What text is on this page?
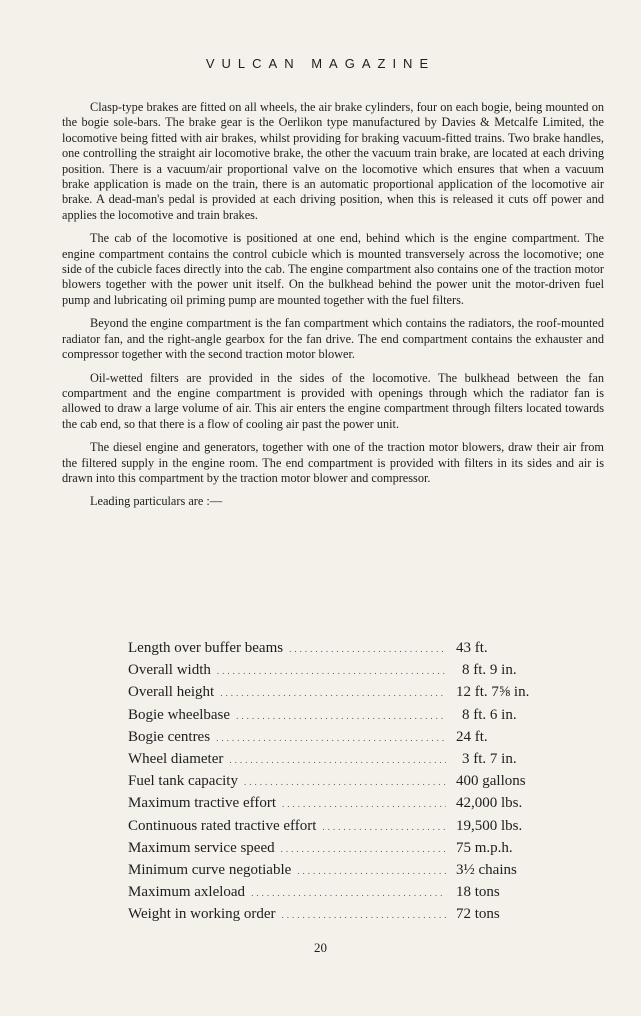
VULCAN MAGAZINE

Clasp-type brakes are fitted on all wheels, the air brake cylinders, four on each bogie, being mounted on the bogie sole-bars. The brake gear is the Oerlikon type manufactured by Davies & Metcalfe Limited, the locomotive being fitted with air brakes, whilst providing for braking vacuum-fitted trains. Two brake handles, one controlling the straight air locomotive brake, the other the vacuum train brake, are located at each driving position. There is a vacuum/air proportional valve on the locomotive which ensures that when a vacuum brake application is made on the train, there is an automatic proportional application of the locomotive air brake. A dead-man's pedal is provided at each driving position, when this is released it cuts off power and applies the locomotive and train brakes.

The cab of the locomotive is positioned at one end, behind which is the engine compartment. The engine compartment contains the control cubicle which is mounted transversely across the locomotive; one side of the cubicle faces directly into the cab. The engine compartment also contains one of the traction motor blowers together with the power unit itself. On the bulkhead behind the power unit the motor-driven fuel pump and lubricating oil priming pump are mounted together with the fuel filters.

Beyond the engine compartment is the fan compartment which contains the radiators, the roof-mounted radiator fan, and the right-angle gearbox for the fan drive. The end compartment contains the exhauster and compressor together with the second traction motor blower.

Oil-wetted filters are provided in the sides of the locomotive. The bulkhead between the fan compartment and the engine compartment is provided with openings through which the radiator fan is allowed to draw a large volume of air. This air enters the engine compartment through filters located towards the cab end, so that there is a flow of cooling air past the power unit.

The diesel engine and generators, together with one of the traction motor blowers, draw their air from the filtered supply in the engine room. The end compartment is provided with filters in its sides and air is drawn into this compartment by the traction motor blower and compressor.

Leading particulars are :—

Length over buffer beams .....	43 ft.
Overall width .....	8 ft. 9 in.
Overall height .....	12 ft. 7⅝ in.
Bogie wheelbase .....	8 ft. 6 in.
Bogie centres .....	24 ft.
Wheel diameter .....	3 ft. 7 in.
Fuel tank capacity .....	400 gallons
Maximum tractive effort .....	42,000 lbs.
Continuous rated tractive effort .....	19,500 lbs.
Maximum service speed .....	75 m.p.h.
Minimum curve negotiable .....	3½ chains
Maximum axleload .....	18 tons
Weight in working order .....	72 tons
20
